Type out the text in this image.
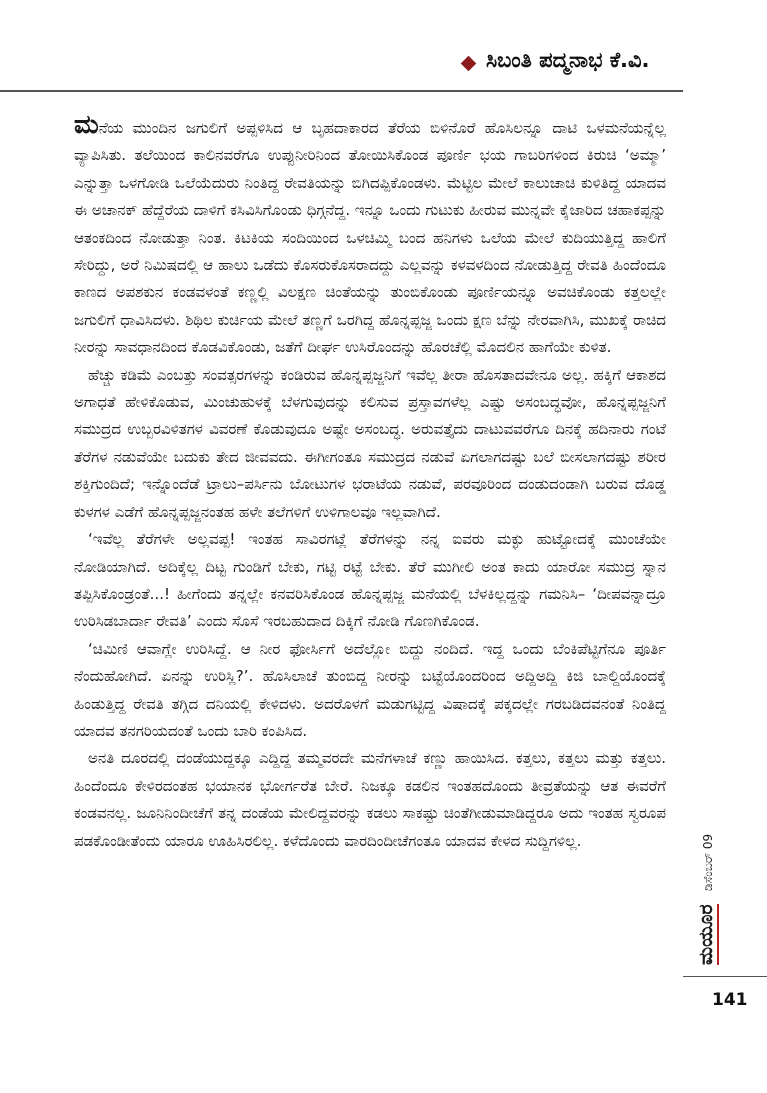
ಸಿಬಂತಿ ಪದ್ಮನಾಭ ಕೆ.ವಿ.

ಮನೆಯ ಮುಂದಿನ ಜಗುಲಿಗೆ ಅಪ್ಪಳಿಸಿದ ಆ ಬೃಹದಾಕಾರದ ತೆರೆಯ ಬಿಳಿನೊರೆ ಹೊಸಿಲನ್ನೂ ದಾಟಿ ಒಳಮನೆಯನ್ನೆಲ್ಲ ವ್ಯಾಪಿಸಿತು. ತಲೆಯಿಂದ ಕಾಲಿನವರೆಗೂ ಉಪ್ಪುನೀರಿನಿಂದ ತೋಯಿಸಿಕೊಂಡ ಪೂರ್ಣಿ ಭಯ ಗಾಬರಿಗಳಿಂದ ಕಿರುಚಿ ‘ಅಮ್ಮಾ’ ಎನ್ನುತ್ತಾ ಒಳಗೋಡಿ ಒಲೆಯೆದುರು ನಿಂತಿದ್ದ ರೇವತಿಯನ್ನು ಬಿಗಿದಪ್ಪಿಕೊಂಡಳು. ಮೆಟ್ಟಿಲ ಮೇಲೆ ಕಾಲುಚಾಚಿ ಕುಳಿತಿದ್ದ ಯಾದವ ಈ ಅಚಾನಕ್ ಹೆದ್ದೆರೆಯ ದಾಳಿಗೆ ಕಸಿವಿಸಿಗೊಂಡು ಧಿಗ್ಗನೆದ್ದ. ಇನ್ನೂ ಒಂದು ಗುಟುಕು ಹೀರುವ ಮುನ್ನವೇ ಕೈಜಾರಿದ ಚಹಾಕಪ್ಪನ್ನು ಆತಂಕದಿಂದ ನೋಡುತ್ತಾ ನಿಂತ. ಕಿಟಕಿಯ ಸಂದಿಯಿಂದ ಒಳಚಿಮ್ಮಿ ಬಂದ ಹನಿಗಳು ಒಲೆಯ ಮೇಲೆ ಕುದಿಯುತ್ತಿದ್ದ ಹಾಲಿಗೆ ಸೇರಿದ್ದು, ಅರೆ ನಿಮಿಷದಲ್ಲಿ ಆ ಹಾಲು ಒಡೆದು ಕೊಸರುಕೊಸರಾದದ್ದು ಎಲ್ಲವನ್ನು ಕಳವಳದಿಂದ ನೋಡುತ್ತಿದ್ದ ರೇವತಿ ಹಿಂದೆಂದೂ ಕಾಣದ ಅಪಶಕುನ ಕಂಡವಳಂತೆ ಕಣ್ಣಲ್ಲಿ ವಿಲಕ್ಷಣ ಚಿಂತೆಯನ್ನು ತುಂಬಿಕೊಂಡು ಪೂರ್ಣಿಯನ್ನೂ ಅವಚಿಕೊಂಡು ಕತ್ತಲಲ್ಲೇ ಜಗುಲಿಗೆ ಧಾವಿಸಿದಳು. ಶಿಥಿಲ ಕುರ್ಚಿಯ ಮೇಲೆ ತಣ್ಣಗೆ ಒರಗಿದ್ದ ಹೊನ್ನಪ್ಪಜ್ಜ ಒಂದು ಕ್ಷಣ ಬೆನ್ನು ನೇರವಾಗಿಸಿ, ಮುಖಕ್ಕೆ ರಾಚಿದ ನೀರನ್ನು ಸಾವಧಾನದಿಂದ ಕೊಡವಿಕೊಂಡು, ಜತೆಗೆ ದೀರ್ಘ ಉಸಿರೊಂದನ್ನು ಹೊರಚೆಲ್ಲಿ ಮೊದಲಿನ ಹಾಗೆಯೇ ಕುಳಿತ.

ಹೆಚ್ಚು ಕಡಿಮೆ ಎಂಬತ್ತು ಸಂವತ್ಸರಗಳನ್ನು ಕಂಡಿರುವ ಹೊನ್ನಪ್ಪಜ್ಜನಿಗೆ ಇವೆಲ್ಲ ತೀರಾ ಹೊಸತಾದವೇನೂ ಅಲ್ಲ. ಹಕ್ಕಿಗೆ ಆಕಾಶದ ಅಗಾಧತೆ ಹೇಳಿಕೊಡುವ, ಮಿಂಚುಹುಳಕ್ಕೆ ಬೆಳಗುವುದನ್ನು ಕಲಿಸುವ ಪ್ರಸ್ತಾವಗಳೆಲ್ಲ ಎಷ್ಟು ಅಸಂಬದ್ಧವೋ, ಹೊನ್ನಪ್ಪಜ್ಜನಿಗೆ ಸಮುದ್ರದ ಉಬ್ಬರವಿಳಿತಗಳ ವಿವರಣೆ ಕೊಡುವುದೂ ಅಷ್ಟೇ ಅಸಂಬದ್ಧ. ಅರುವತ್ತೈದು ದಾಟುವವರೆಗೂ ದಿನಕ್ಕೆ ಹದಿನಾರು ಗಂಟೆ ತೆರೆಗಳ ನಡುವೆಯೇ ಬದುಕು ತೇದ ಜೀವವದು. ಈಗೀಗಂತೂ ಸಮುದ್ರದ ನಡುವೆ ಏಗಲಾಗದಷ್ಟು ಬಲೆ ಬೀಸಲಾಗದಷ್ಟು ಶರೀರ ಶಕ್ತಿಗುಂದಿದೆ; ಇನ್ನೊಂದೆಡೆ ಟ್ರಾಲು–ಪರ್ಸಿನು ಬೋಟುಗಳ ಭರಾಟೆಯ ನಡುವೆ, ಪರವೂರಿಂದ ದಂಡುದಂಡಾಗಿ ಬರುವ ದೊಡ್ಡ ಕುಳಗಳ ಎಡೆಗೆ ಹೊನ್ನಪ್ಪಜ್ಜನಂತಹ ಹಳೇ ತಲೆಗಳಿಗೆ ಉಳಿಗಾಲವೂ ಇಲ್ಲವಾಗಿದೆ.

‘ಇವೆಲ್ಲ ತೆರೆಗಳೇ ಅಲ್ಲವಪ್ಪ! ಇಂತಹ ಸಾವಿರಗಟ್ಲೆ ತೆರೆಗಳನ್ನು ನನ್ನ ಐವರು ಮಕ್ಳು ಹುಟ್ಟೋದಕ್ಕೆ ಮುಂಚೆಯೇ ನೋಡಿಯಾಗಿದೆ. ಅದಿಕ್ಕೆಲ್ಲ ದಿಟ್ಟ ಗುಂಡಿಗೆ ಬೇಕು, ಗಟ್ಟಿ ರಟ್ಟೆ ಬೇಕು. ತೆರೆ ಮುಗೀಲಿ ಅಂತ ಕಾದು ಯಾರೋ ಸಮುದ್ರ ಸ್ನಾನ ತಪ್ಪಿಸಿಕೊಂಡ್ರಂತೆ...! ಹೀಗೆಂದು ತನ್ನಲ್ಲೇ ಕನವರಿಸಿಕೊಂಡ ಹೊನ್ನಪ್ಪಜ್ಜ ಮನೆಯಲ್ಲಿ ಬೆಳಕಿಲ್ಲದ್ದನ್ನು ಗಮನಿಸಿ– ‘ದೀಪವನ್ನಾದ್ರೂ ಉರಿಸಿಡಬಾರ್ದಾ ರೇವತಿ’ ಎಂದು ಸೊಸೆ ಇರಬಹುದಾದ ದಿಕ್ಕಿಗೆ ನೋಡಿ ಗೊಣಗಿಕೊಂಡ.

‘ಚಿಮಿಣಿ ಆವಾಗ್ಲೇ ಉರಿಸಿದ್ದೆ. ಆ ನೀರ ಫೋರ್ಸಿಗೆ ಅದೆಲ್ಲೋ ಬಿದ್ದು ನಂದಿದೆ. ಇದ್ದ ಒಂದು ಬೆಂಕಿಪೆಟ್ಟಿಗೆನೂ ಪೂರ್ತಿ ನೆಂದುಹೋಗಿದೆ. ಏನನ್ನು ಉರಿಸ್ಲಿ?’. ಹೊಸಿಲಾಚೆ ತುಂಬಿದ್ದ ನೀರನ್ನು ಬಟ್ಟೆಯೊಂದರಿಂದ ಅದ್ದಿಅದ್ದಿ ಕಿಜಿ ಬಾಲ್ದಿಯೊಂದಕ್ಕೆ ಹಿಂಡುತ್ತಿದ್ದ ರೇವತಿ ತಗ್ಗಿದ ದನಿಯಲ್ಲಿ ಕೇಳಿದಳು. ಅದರೊಳಗೆ ಮಡುಗಟ್ಟಿದ್ದ ವಿಷಾದಕ್ಕೆ ಪಕ್ಕದಲ್ಲೇ ಗರಬಡಿದವನಂತೆ ನಿಂತಿದ್ದ ಯಾದವ ತನಗರಿಯದಂತೆ ಒಂದು ಬಾರಿ ಕಂಪಿಸಿದ.

ಅನತಿ ದೂರದಲ್ಲಿ ದಂಡೆಯುದ್ದಕ್ಕೂ ಎದ್ದಿದ್ದ ತಮ್ಮವರದೇ ಮನೆಗಳಾಚೆ ಕಣ್ಣು ಹಾಯಿಸಿದ. ಕತ್ತಲು, ಕತ್ತಲು ಮತ್ತು ಕತ್ತಲು. ಹಿಂದೆಂದೂ ಕೇಳಿರದಂತಹ ಭಯಾನಕ ಭೋರ್ಗರೆತ ಬೇರೆ. ನಿಜಕ್ಕೂ ಕಡಲಿನ ಇಂತಹದೊಂದು ತೀವ್ರತೆಯನ್ನು ಆತ ಈವರೆಗೆ ಕಂಡವನಲ್ಲ. ಜೂನಿನಿಂದೀಚೆಗೆ ತನ್ನ ದಂಡೆಯ ಮೇಲಿದ್ದವರನ್ನು ಕಡಲು ಸಾಕಷ್ಟು ಚಿಂತೆಗೀಡುಮಾಡಿದ್ದರೂ ಅದು ಇಂತಹ ಸ್ವರೂಪ ಪಡಕೊಂಡೀತೆಂದು ಯಾರೂ ಊಹಿಸಿರಲಿಲ್ಲ. ಕಳೆದೊಂದು ವಾರದಿಂದೀಚೆಗಂತೂ ಯಾದವ ಕೇಳದ ಸುದ್ದಿಗಳಿಲ್ಲ.

ಮಯೂರ ಡಿಸೆಂಬರ್ 09
141
